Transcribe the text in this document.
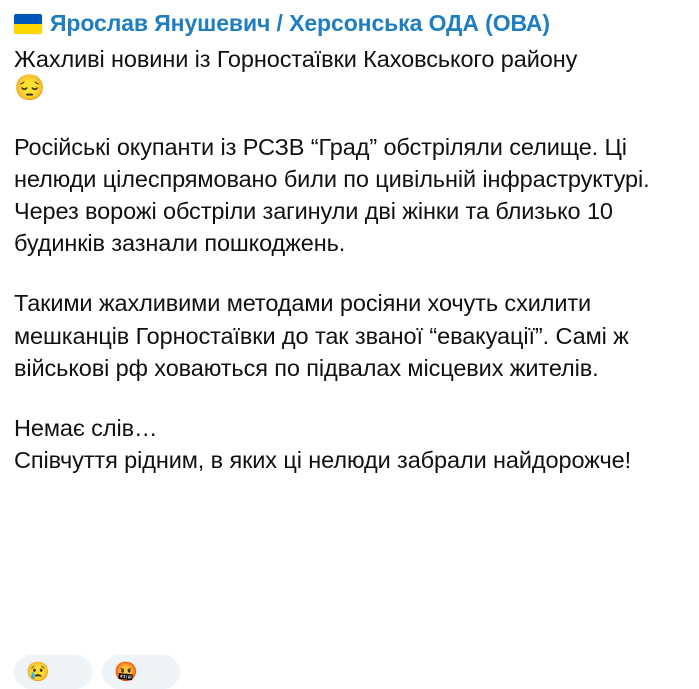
Ярослав Янушевич / Херсонська ОДА (ОВА)

Жахливі новини із Горностаївки Каховського району

😔

Російські окупанти із РСЗВ “Град” обстріляли селище. Ці нелюди цілеспрямовано били по цивільній інфраструктурі. Через ворожі обстріли загинули дві жінки та близько 10 будинків зазнали пошкоджень.

Такими жахливими методами росіяни хочуть схилити мешканців Горностаївки до так званої “евакуації”. Самі ж військові рф ховаються по підвалах місцевих жителів.

Немає слів…

Співчуття рідним, в яких ці нелюди забрали найдорожче!

😢	🤬
